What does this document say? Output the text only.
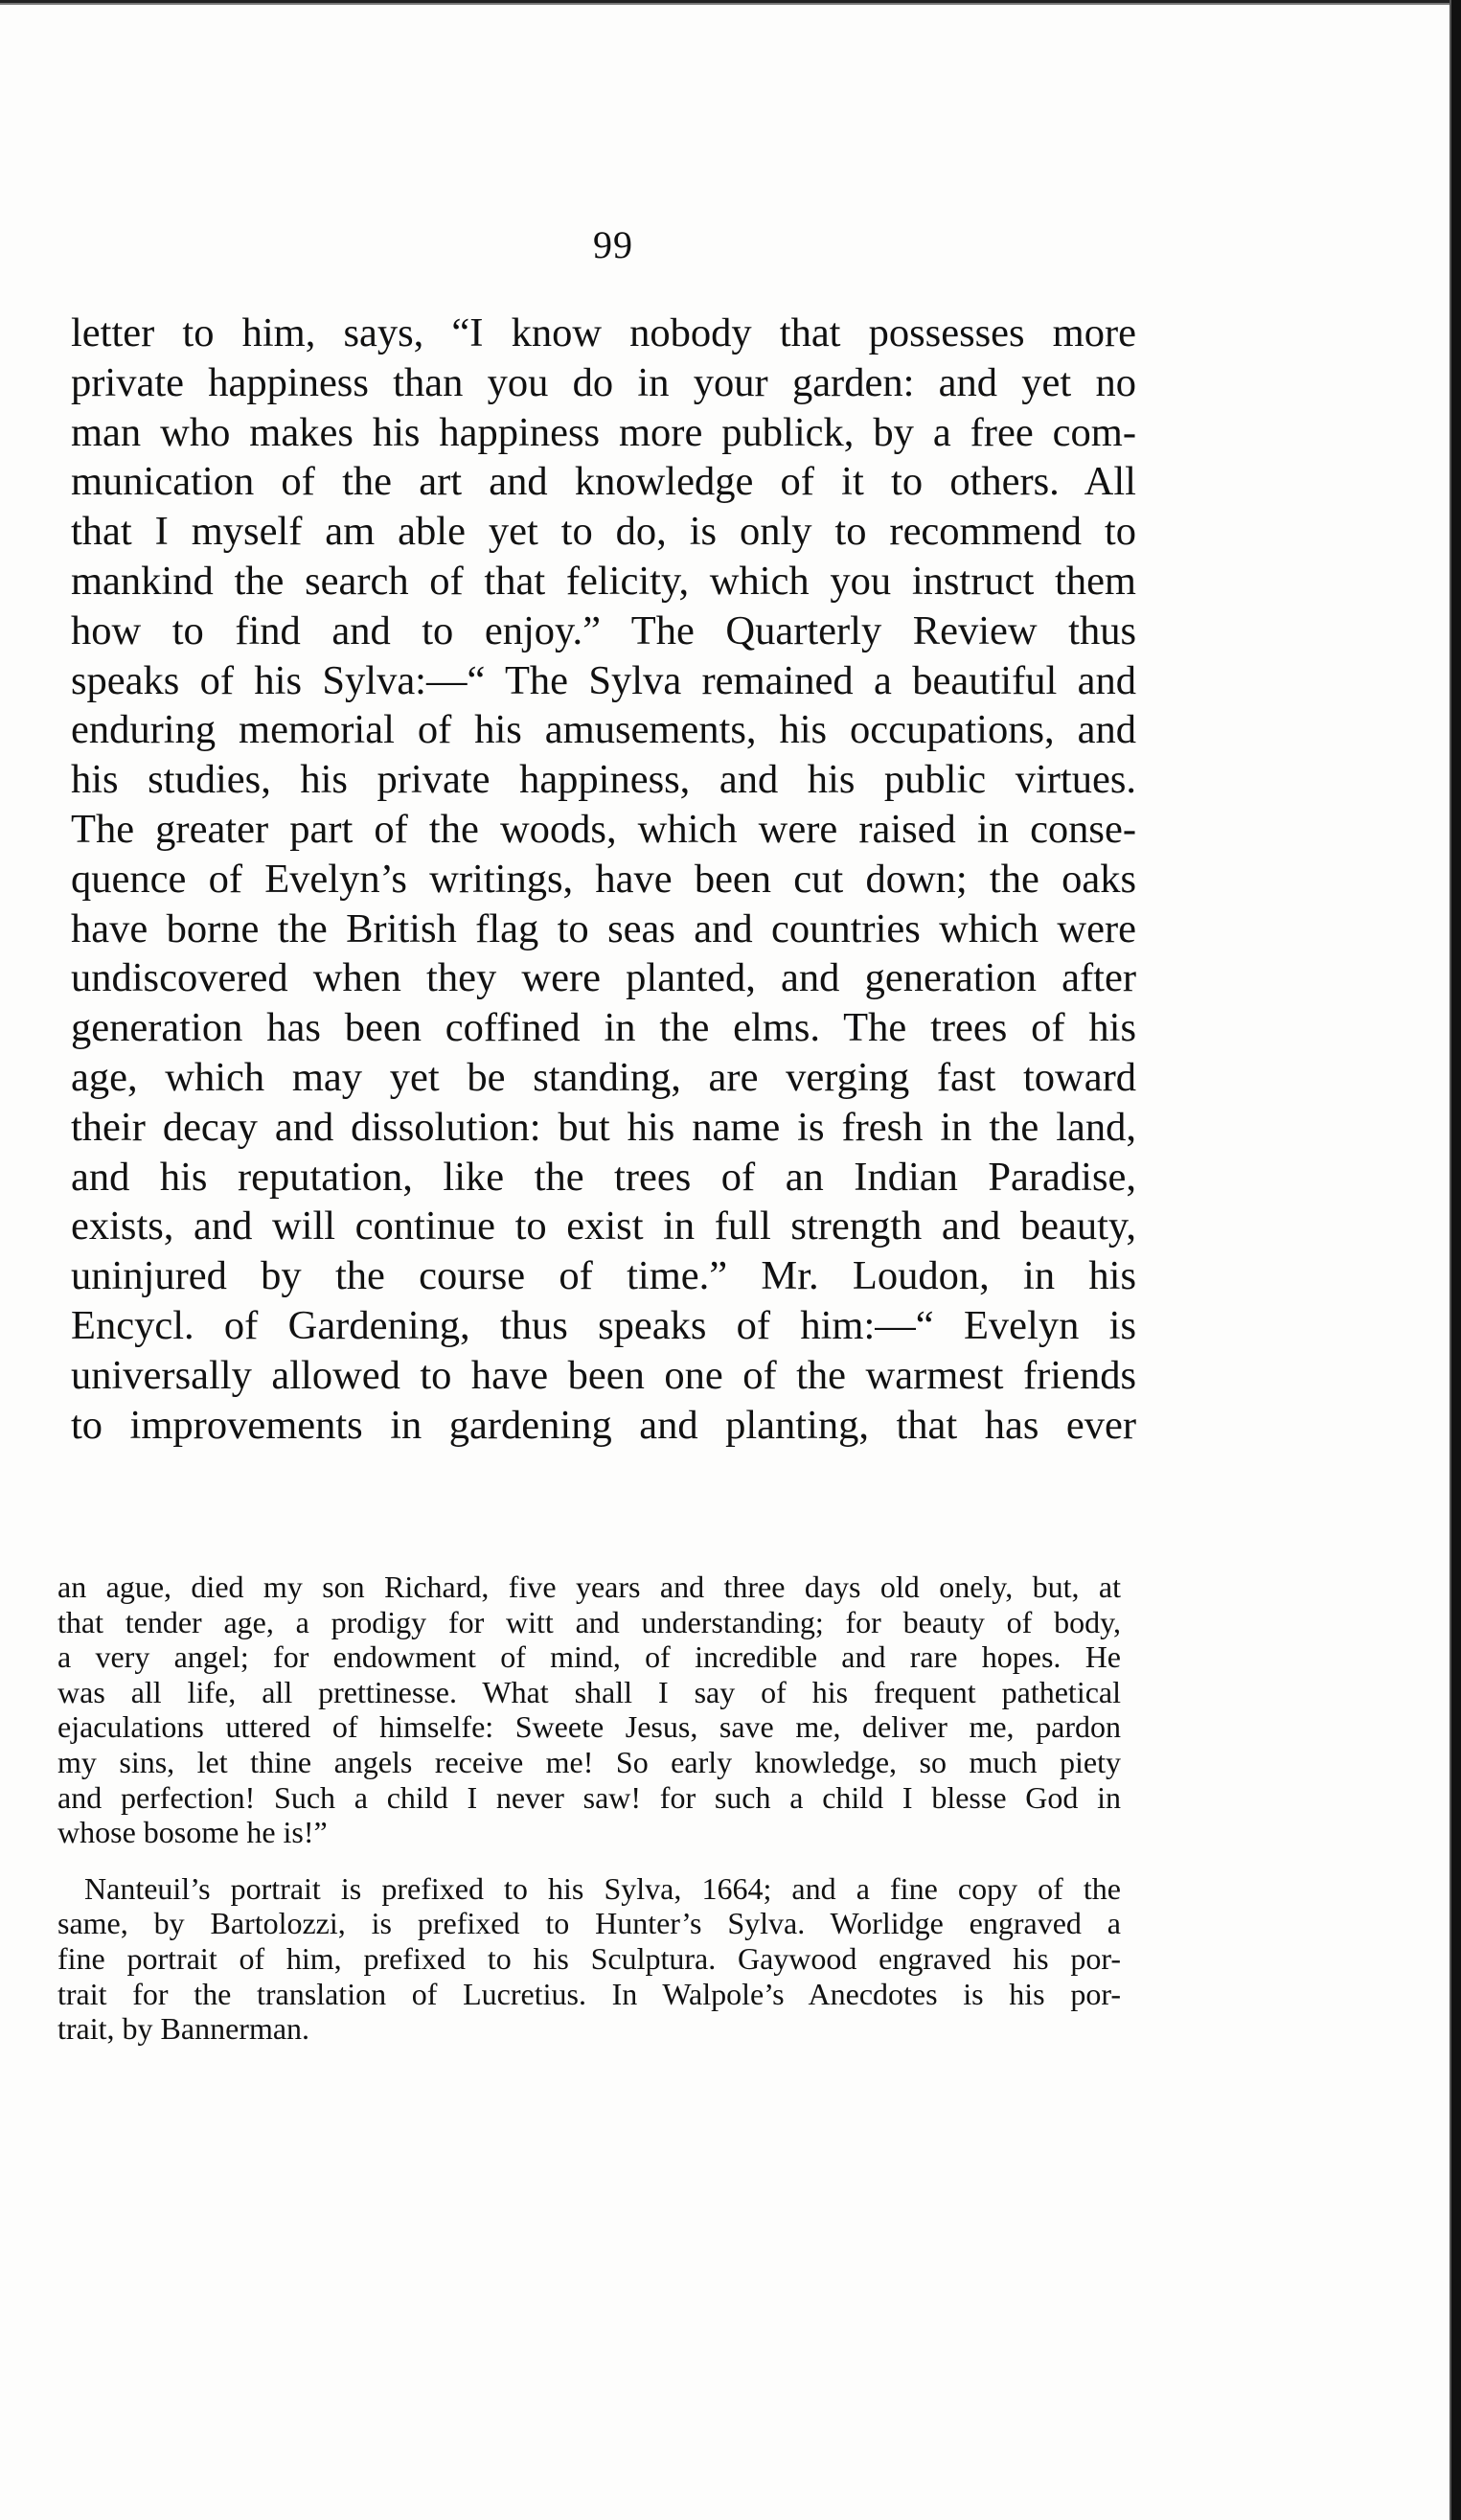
99
letter to him, says, “I know nobody that possesses more
private happiness than you do in your garden: and yet no
man who makes his happiness more publick, by a free com-
munication of the art and knowledge of it to others. All
that I myself am able yet to do, is only to recommend to
mankind the search of that felicity, which you instruct them
how to find and to enjoy.” The Quarterly Review thus
speaks of his Sylva:—“ The Sylva remained a beautiful and
enduring memorial of his amusements, his occupations, and
his studies, his private happiness, and his public virtues.
The greater part of the woods, which were raised in conse-
quence of Evelyn’s writings, have been cut down; the oaks
have borne the British flag to seas and countries which were
undiscovered when they were planted, and generation after
generation has been coffined in the elms. The trees of his
age, which may yet be standing, are verging fast toward
their decay and dissolution: but his name is fresh in the land,
and his reputation, like the trees of an Indian Paradise,
exists, and will continue to exist in full strength and beauty,
uninjured by the course of time.” Mr. Loudon, in his
Encycl. of Gardening, thus speaks of him:—“ Evelyn is
universally allowed to have been one of the warmest friends
to improvements in gardening and planting, that has ever
an ague, died my son Richard, five years and three days old onely, but, at
that tender age, a prodigy for witt and understanding; for beauty of body,
a very angel; for endowment of mind, of incredible and rare hopes. He
was all life, all prettinesse. What shall I say of his frequent pathetical
ejaculations uttered of himselfe: Sweete Jesus, save me, deliver me, pardon
my sins, let thine angels receive me! So early knowledge, so much piety
and perfection! Such a child I never saw! for such a child I blesse God in
whose bosome he is!”
Nanteuil’s portrait is prefixed to his Sylva, 1664; and a fine copy of the
same, by Bartolozzi, is prefixed to Hunter’s Sylva. Worlidge engraved a
fine portrait of him, prefixed to his Sculptura. Gaywood engraved his por-
trait for the translation of Lucretius. In Walpole’s Anecdotes is his por-
trait, by Bannerman.
